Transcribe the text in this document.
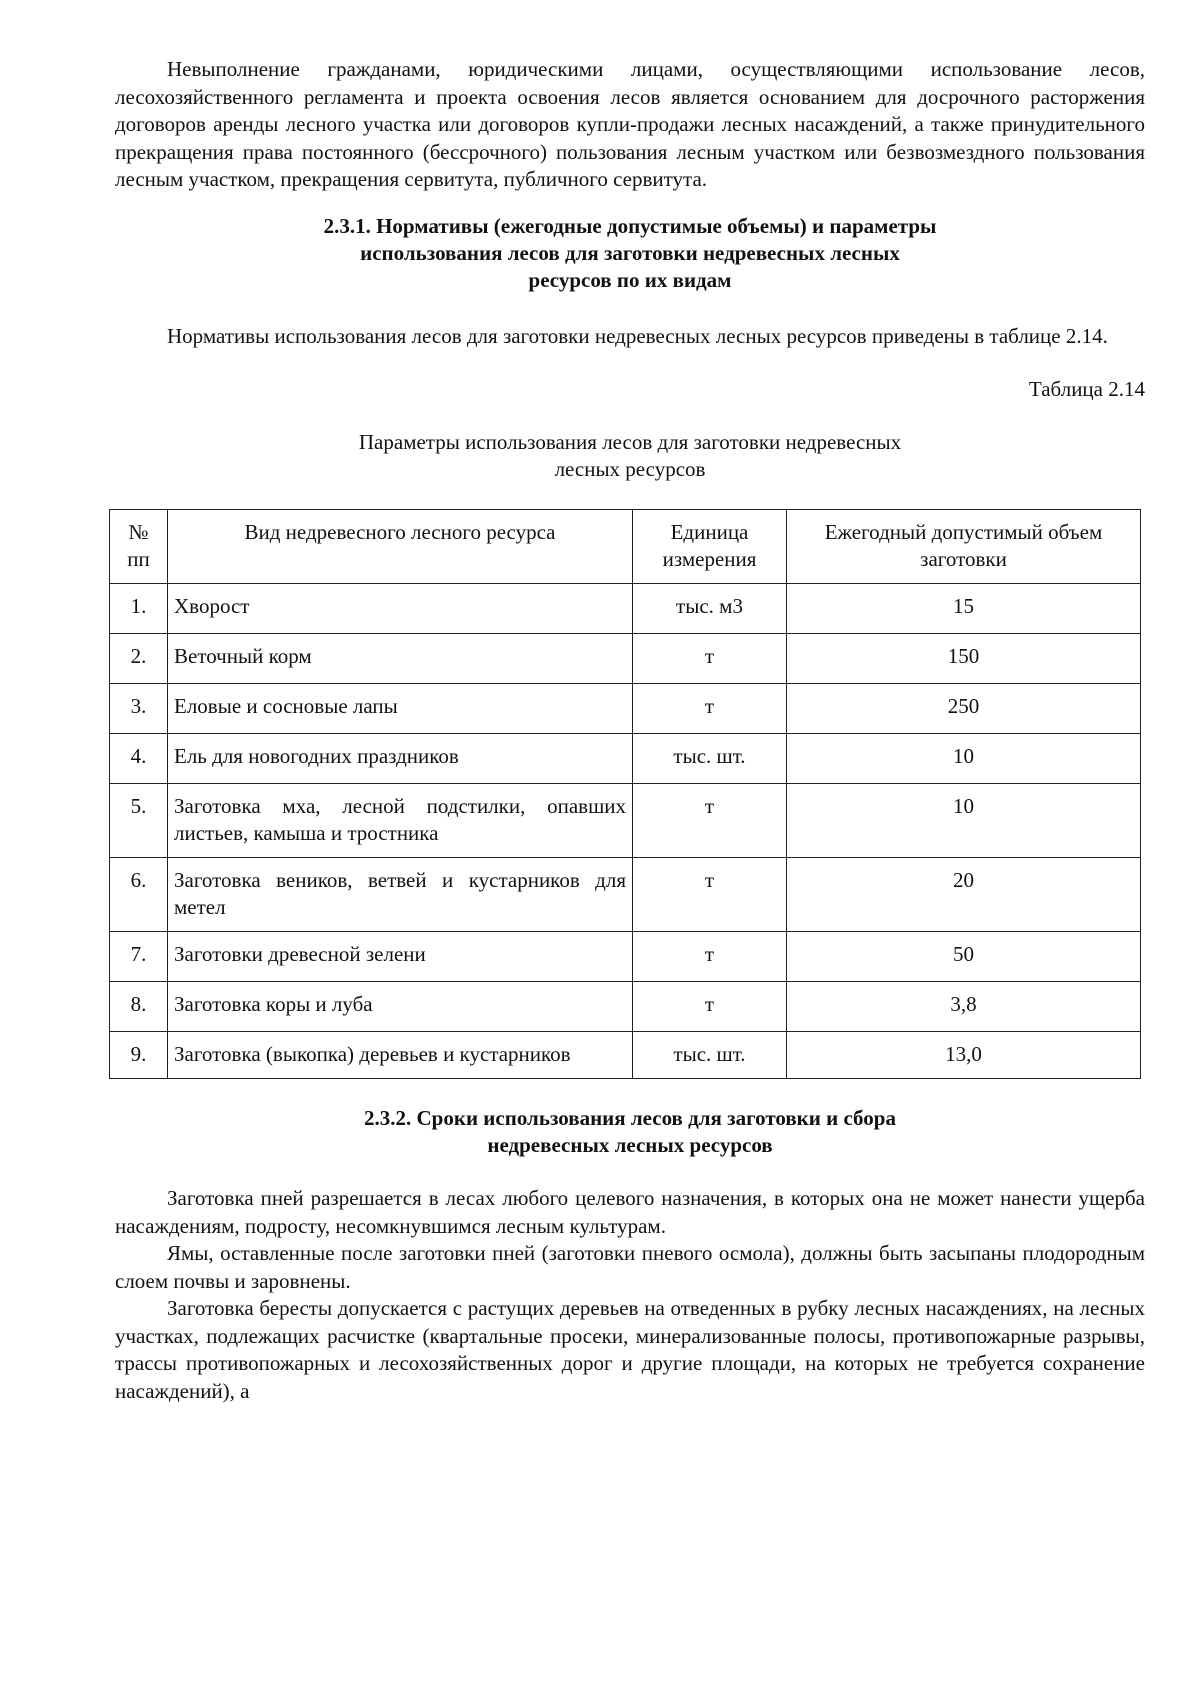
Невыполнение гражданами, юридическими лицами, осуществляющими использование лесов, лесохозяйственного регламента и проекта освоения лесов является основанием для досрочного расторжения договоров аренды лесного участка или договоров купли-продажи лесных насаждений, а также принудительного прекращения права постоянного (бессрочного) пользования лесным участком или безвозмездного пользования лесным участком, прекращения сервитута, публичного сервитута.

2.3.1. Нормативы (ежегодные допустимые объемы) и параметры
использования лесов для заготовки недревесных лесных
ресурсов по их видам

Нормативы использования лесов для заготовки недревесных лесных ресурсов приведены в таблице 2.14.

Таблица 2.14

Параметры использования лесов для заготовки недревесных
лесных ресурсов
№ пп	Вид недревесного лесного ресурса	Единица измерения	Ежегодный допустимый объем заготовки
1.	Хворост	тыс. м3	15
2.	Веточный корм	т	150
3.	Еловые и сосновые лапы	т	250
4.	Ель для новогодних праздников	тыс. шт.	10
5.	Заготовка мха, лесной подстилки, опавших листьев, камыша и тростника	т	10
6.	Заготовка веников, ветвей и кустарников для метел	т	20
7.	Заготовки древесной зелени	т	50
8.	Заготовка коры и луба	т	3,8
9.	Заготовка (выкопка) деревьев и кустарников	тыс. шт.	13,0
2.3.2. Сроки использования лесов для заготовки и сбора
недревесных лесных ресурсов

Заготовка пней разрешается в лесах любого целевого назначения, в которых она не может нанести ущерба насаждениям, подросту, несомкнувшимся лесным культурам.

Ямы, оставленные после заготовки пней (заготовки пневого осмола), должны быть засыпаны плодородным слоем почвы и заровнены.

Заготовка бересты допускается с растущих деревьев на отведенных в рубку лесных насаждениях, на лесных участках, подлежащих расчистке (квартальные просеки, минерализованные полосы, противопожарные разрывы, трассы противопожарных и лесохозяйственных дорог и другие площади, на которых не требуется сохранение насаждений), а
